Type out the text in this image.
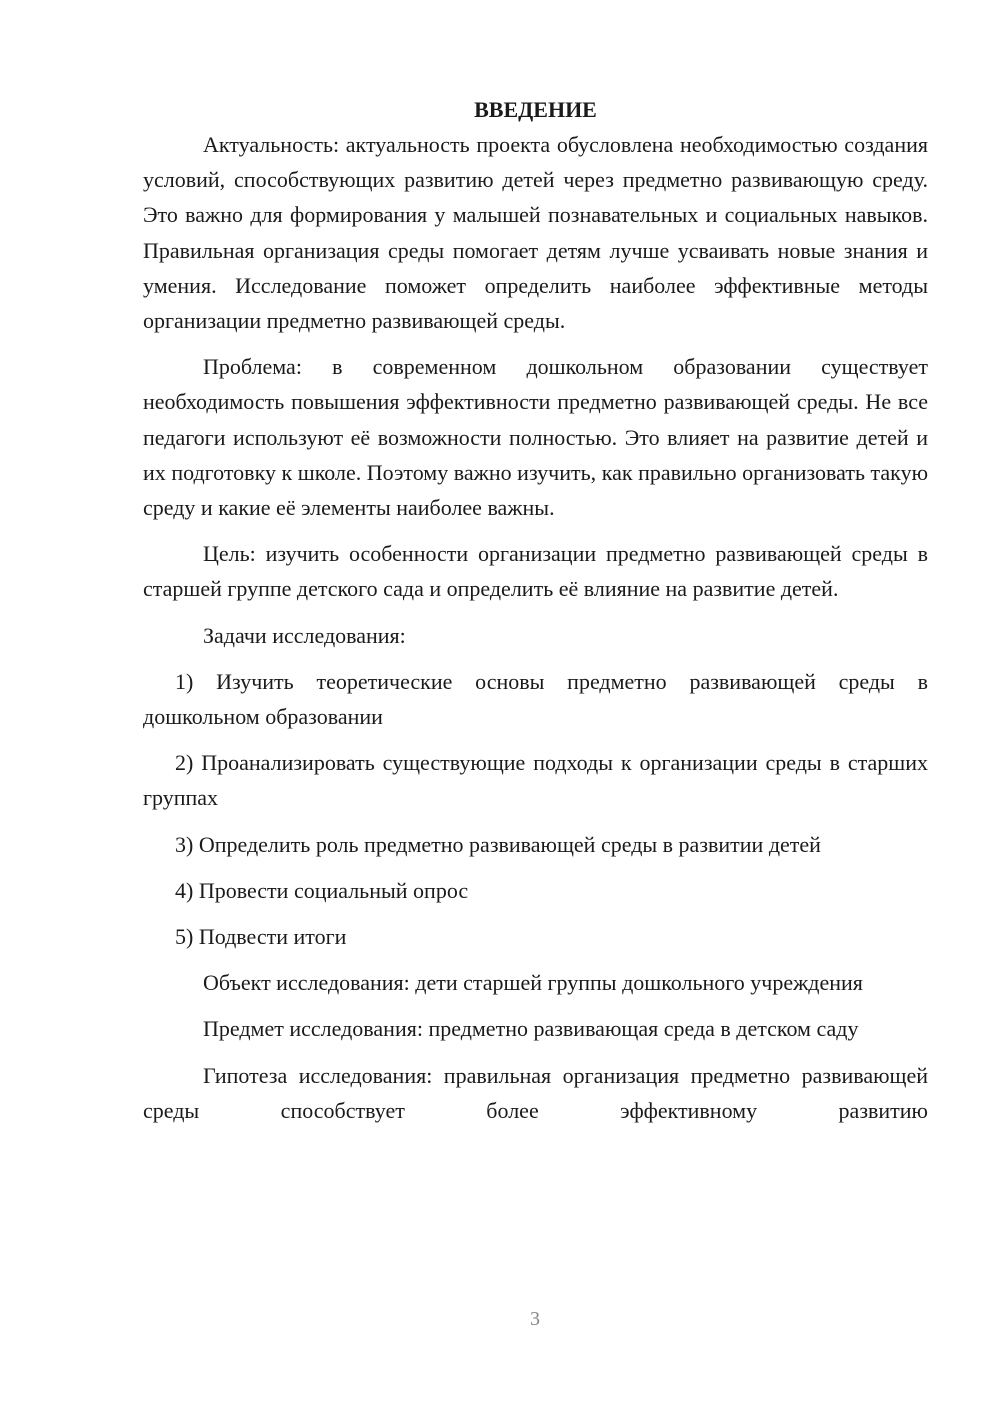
ВВЕДЕНИЕ

Актуальность: актуальность проекта обусловлена необходимостью создания условий, способствующих развитию детей через предметно развивающую среду. Это важно для формирования у малышей познавательных и социальных навыков. Правильная организация среды помогает детям лучше усваивать новые знания и умения. Исследование поможет определить наиболее эффективные методы организации предметно развивающей среды.

Проблема: в современном дошкольном образовании существует необходимость повышения эффективности предметно развивающей среды. Не все педагоги используют её возможности полностью. Это влияет на развитие детей и их подготовку к школе. Поэтому важно изучить, как правильно организовать такую среду и какие её элементы наиболее важны.

Цель: изучить особенности организации предметно развивающей среды в старшей группе детского сада и определить её влияние на развитие детей.

Задачи исследования:

1) Изучить теоретические основы предметно развивающей среды в дошкольном образовании

2) Проанализировать существующие подходы к организации среды в старших группах

3) Определить роль предметно развивающей среды в развитии детей

4) Провести социальный опрос

5) Подвести итоги

Объект исследования: дети старшей группы дошкольного учреждения

Предмет исследования: предметно развивающая среда в детском саду

Гипотеза исследования: правильная организация предметно развивающей среды способствует более эффективному развитию

3
